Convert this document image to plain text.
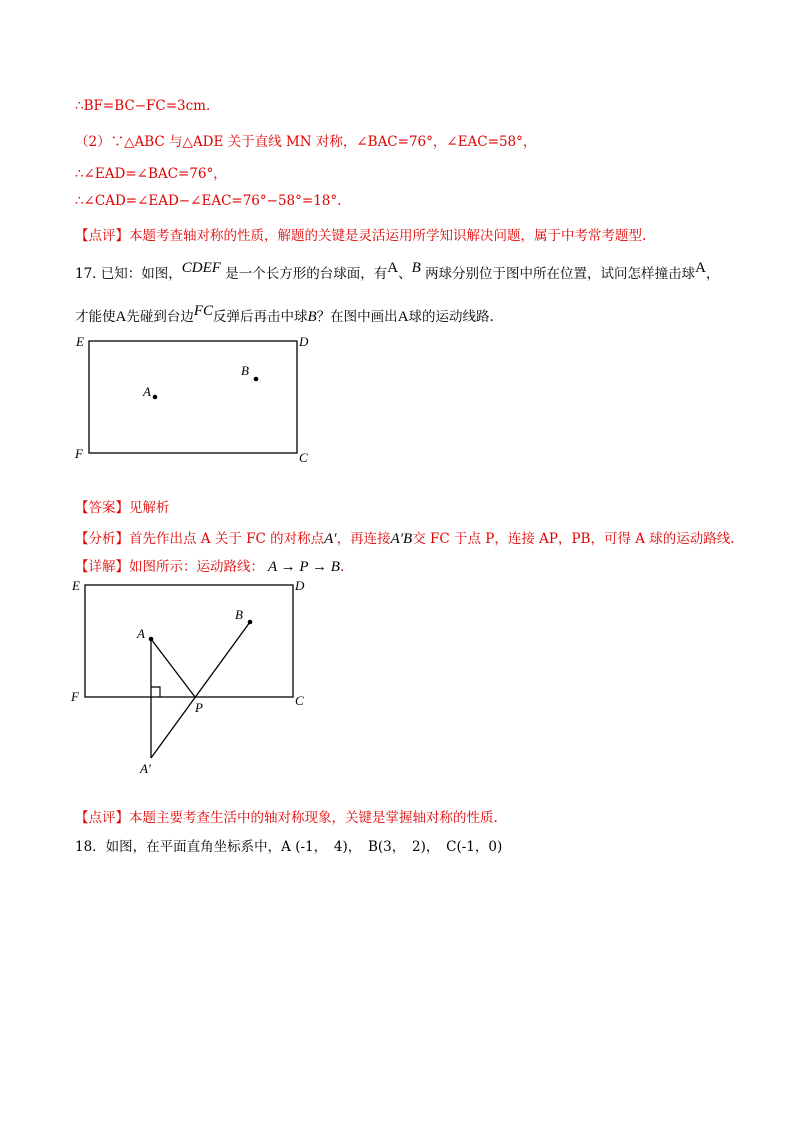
∴BF=BC−FC=3cm.
（2）∵△ABC 与△ADE 关于直线 MN 对称，∠BAC=76°，∠EAC=58°，
∴∠EAD=∠BAC=76°，
∴∠CAD=∠EAD−∠EAC=76°−58°=18°.
【点评】本题考查轴对称的性质，解题的关键是灵活运用所学知识解决问题，属于中考常考题型.
17. 已知：如图，CDEF 是一个长方形的台球面，有A、B 两球分别位于图中所在位置，试问怎样撞击球A，
才能使A先碰到台边FC反弹后再击中球B？在图中画出A球的运动线路.
E	D
F	C
A
B
【答案】见解析
【分析】首先作出点 A 关于 FC 的对称点A′，再连接A′B交 FC 于点 P，连接 AP，PB，可得 A 球的运动路线.
【详解】如图所示：运动路线： A → P → B.
E	D
F	C
A
B
P
A′
【点评】本题主要考查生活中的轴对称现象，关键是掌握轴对称的性质.
18．如图，在平面直角坐标系中，A (-1，　4)，　B(3，　2)，　C(-1，0)
